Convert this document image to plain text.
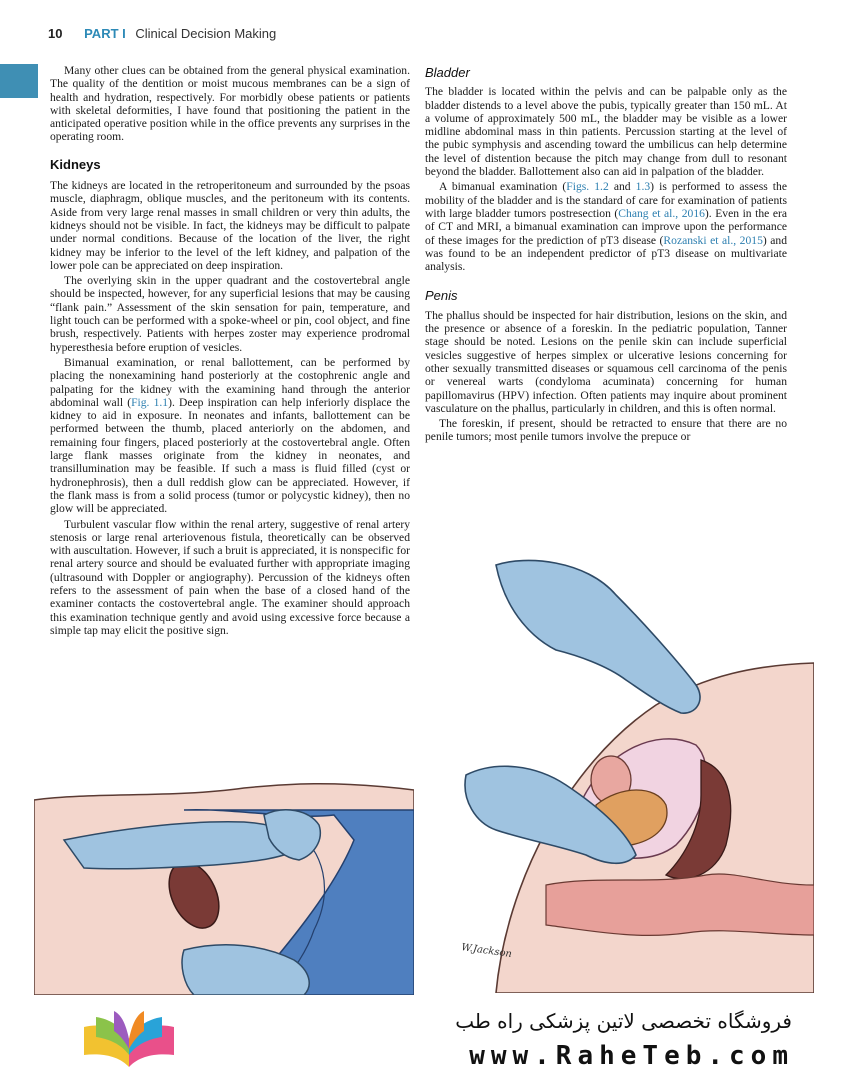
10 PART I Clinical Decision Making

Many other clues can be obtained from the general physical examination. The quality of the dentition or moist mucous membranes can be a sign of health and hydration, respectively. For morbidly obese patients or patients with skeletal deformities, I have found that positioning the patient in the anticipated operative position while in the office prevents any surprises in the operating room.

Kidneys

The kidneys are located in the retroperitoneum and surrounded by the psoas muscle, diaphragm, oblique muscles, and the peritoneum with its contents. Aside from very large renal masses in small children or very thin adults, the kidneys should not be visible. In fact, the kidneys may be difficult to palpate under normal conditions. Because of the location of the liver, the right kidney may be inferior to the level of the left kidney, and palpation of the lower pole can be appreciated on deep inspiration.

The overlying skin in the upper quadrant and the costovertebral angle should be inspected, however, for any superficial lesions that may be causing “flank pain.” Assessment of the skin sensation for pain, temperature, and light touch can be performed with a spoke-wheel or pin, cool object, and fine brush, respectively. Patients with herpes zoster may experience prodromal hyperesthesia before eruption of vesicles.

Bimanual examination, or renal ballottement, can be performed by placing the nonexamining hand posteriorly at the costophrenic angle and palpating for the kidney with the examining hand through the anterior abdominal wall (Fig. 1.1). Deep inspiration can help inferiorly displace the kidney to aid in exposure. In neonates and infants, ballottement can be performed between the thumb, placed anteriorly on the abdomen, and remaining four fingers, placed posteriorly at the costovertebral angle. Often large flank masses originate from the kidney in neonates, and transillumination may be feasible. If such a mass is fluid filled (cyst or hydronephrosis), then a dull reddish glow can be appreciated. However, if the flank mass is from a solid process (tumor or polycystic kidney), then no glow will be appreciated.

Turbulent vascular flow within the renal artery, suggestive of renal artery stenosis or large renal arteriovenous fistula, theoretically can be observed with auscultation. However, if such a bruit is appreciated, it is nonspecific for renal artery source and should be evaluated further with appropriate imaging (ultrasound with Doppler or angiography). Percussion of the kidneys often refers to the assessment of pain when the base of a closed hand of the examiner contacts the costovertebral angle. The examiner should approach this examination technique gently and avoid using excessive force because a simple tap may elicit the positive sign.

Bladder

The bladder is located within the pelvis and can be palpable only as the bladder distends to a level above the pubis, typically greater than 150 mL. At a volume of approximately 500 mL, the bladder may be visible as a lower midline abdominal mass in thin patients. Percussion starting at the level of the pubic symphysis and ascending toward the umbilicus can help determine the level of distention because the pitch may change from dull to resonant beyond the bladder. Ballottement also can aid in palpation of the bladder.

A bimanual examination (Figs. 1.2 and 1.3) is performed to assess the mobility of the bladder and is the standard of care for examination of patients with large bladder tumors postresection (Chang et al., 2016). Even in the era of CT and MRI, a bimanual examination can improve upon the performance of these images for the prediction of pT3 disease (Rozanski et al., 2015) and was found to be an independent predictor of pT3 disease on multivariate analysis.

Penis

The phallus should be inspected for hair distribution, lesions on the skin, and the presence or absence of a foreskin. In the pediatric population, Tanner stage should be noted. Lesions on the penile skin can include superficial vesicles suggestive of herpes simplex or ulcerative lesions concerning for other sexually transmitted diseases or squamous cell carcinoma of the penis or venereal warts (condyloma acuminata) concerning for human papillomavirus (HPV) infection. Often patients may inquire about prominent vasculature on the phallus, particularly in children, and this is often normal.

The foreskin, if present, should be retracted to ensure that there are no penile tumors; most penile tumors involve the prepuce or

W.Jackson
فروشگاه تخصصی لاتین پزشکی راه طب
www.RaheTeb.com
